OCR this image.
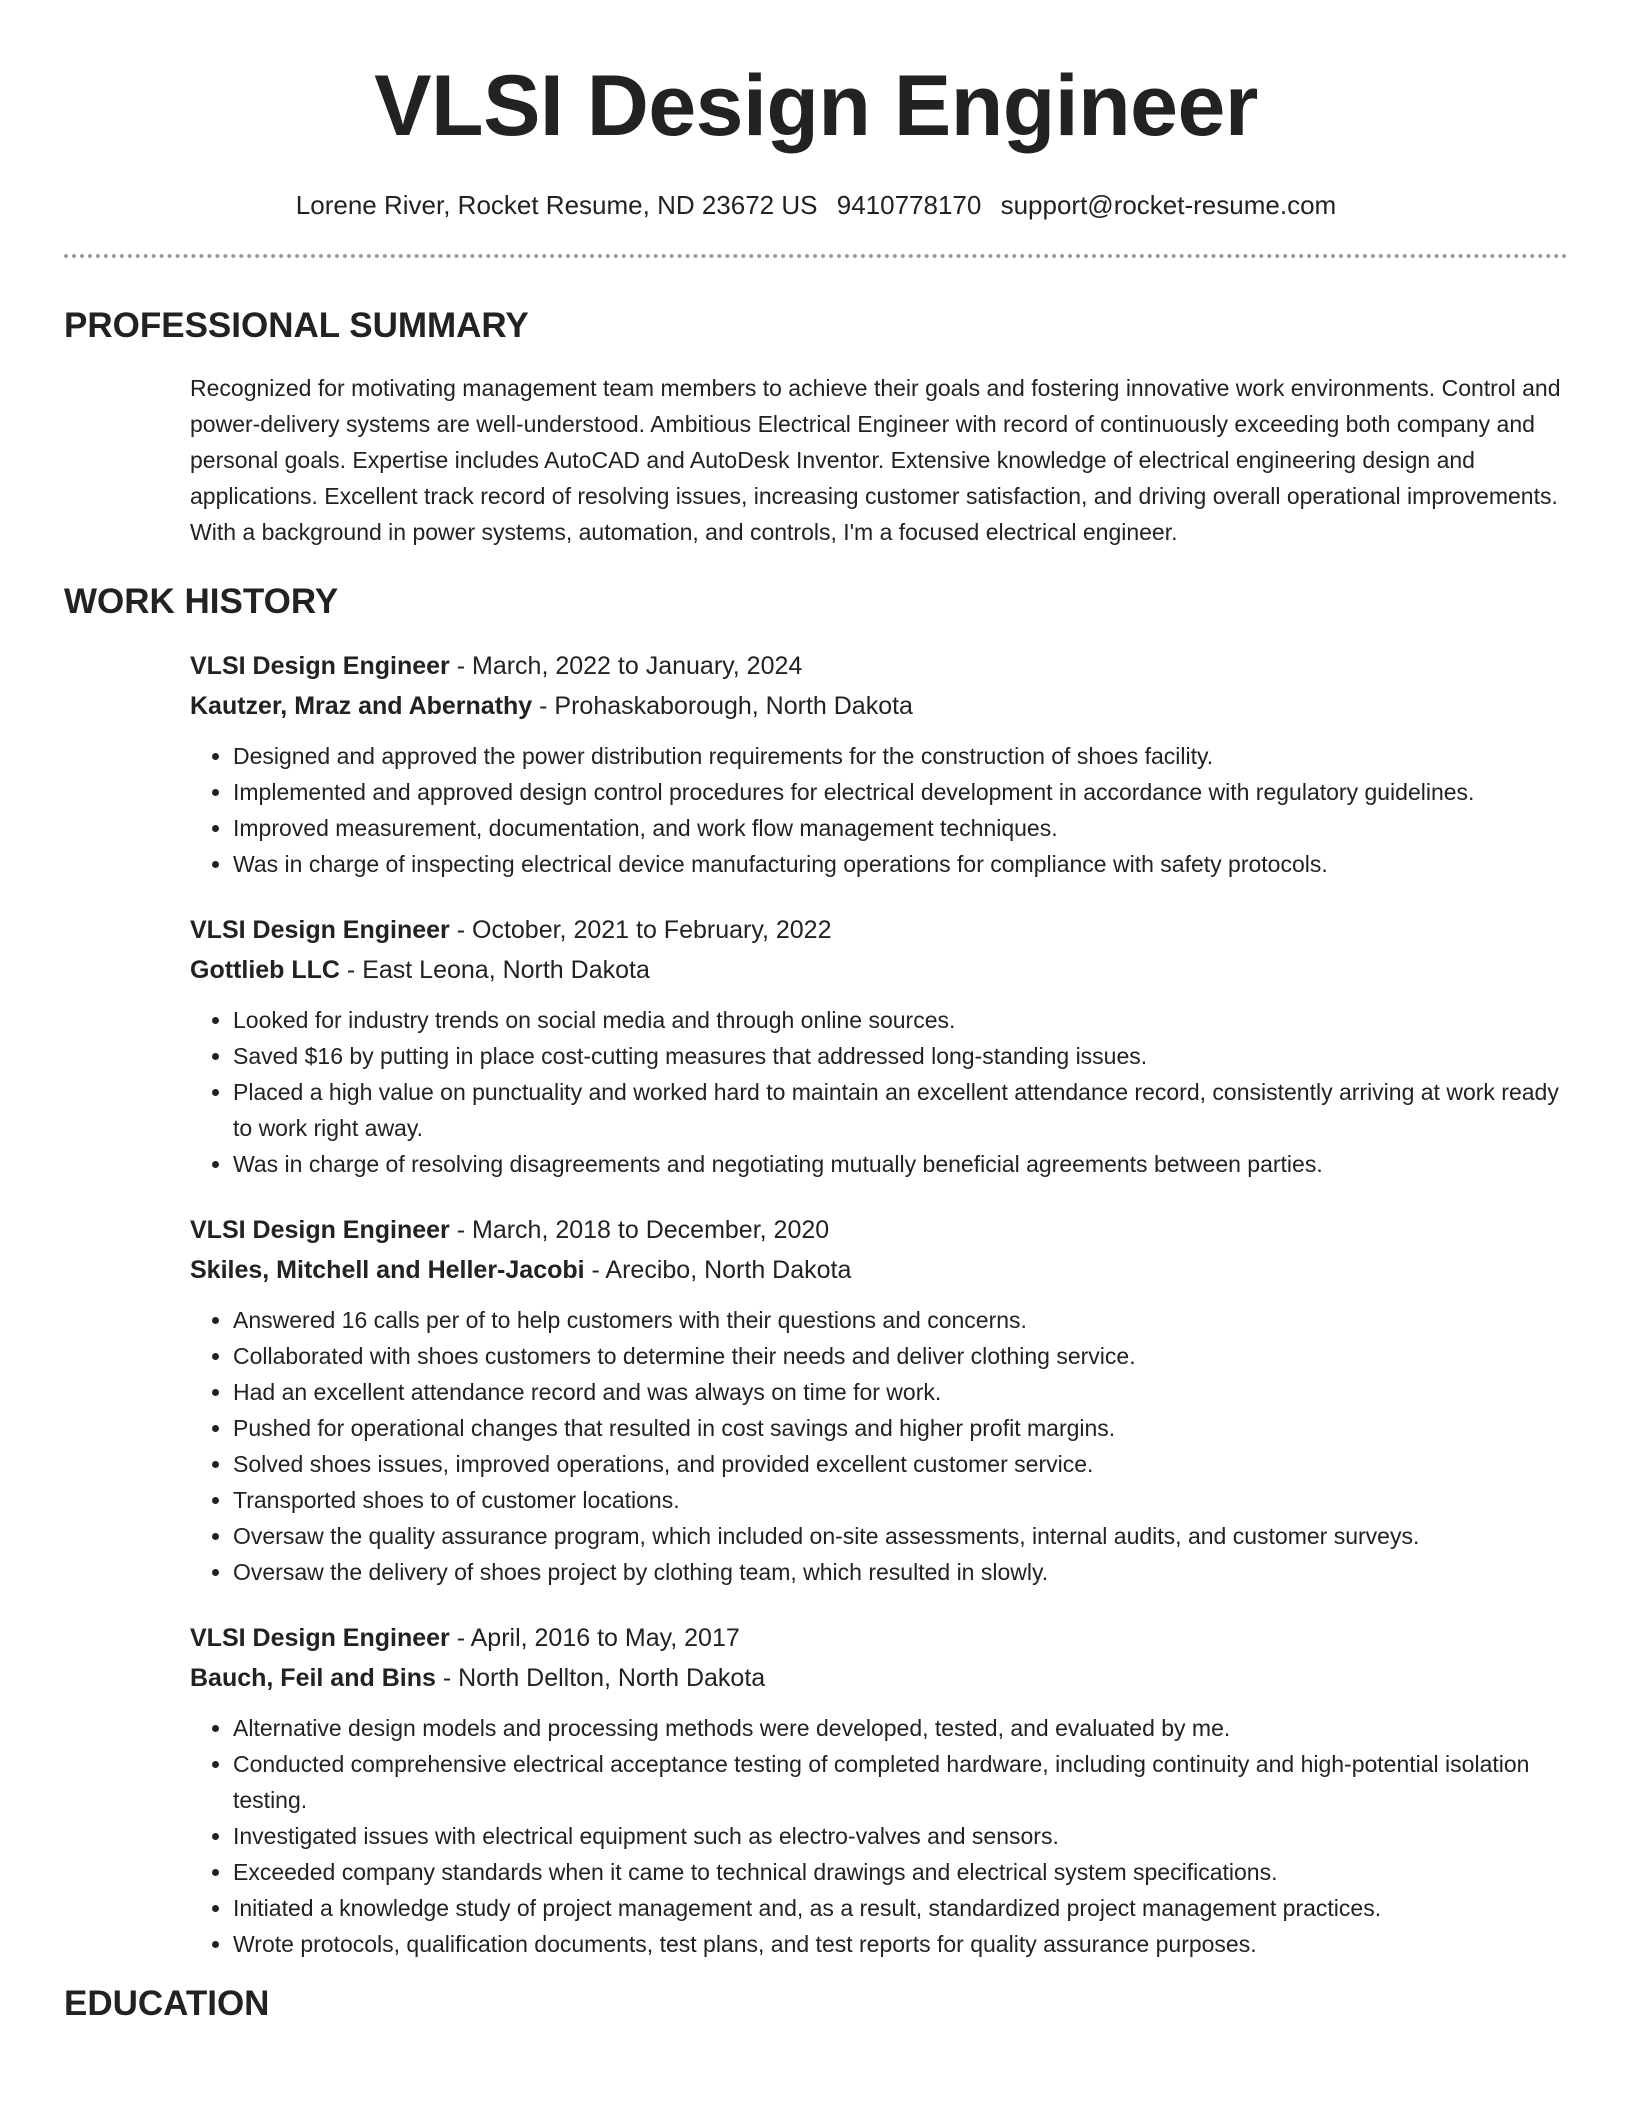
VLSI Design Engineer
Lorene River, Rocket Resume, ND 23672 US 9410778170 support@rocket-resume.com
PROFESSIONAL SUMMARY

Recognized for motivating management team members to achieve their goals and fostering innovative work environments. Control and power-delivery systems are well-understood. Ambitious Electrical Engineer with record of continuously exceeding both company and personal goals. Expertise includes AutoCAD and AutoDesk Inventor. Extensive knowledge of electrical engineering design and applications. Excellent track record of resolving issues, increasing customer satisfaction, and driving overall operational improvements. With a background in power systems, automation, and controls, I'm a focused electrical engineer.

WORK HISTORY
VLSI Design Engineer - March, 2022 to January, 2024
Kautzer, Mraz and Abernathy - Prohaskaborough, North Dakota
• Designed and approved the power distribution requirements for the construction of shoes facility.
• Implemented and approved design control procedures for electrical development in accordance with regulatory guidelines.
• Improved measurement, documentation, and work flow management techniques.
• Was in charge of inspecting electrical device manufacturing operations for compliance with safety protocols.
VLSI Design Engineer - October, 2021 to February, 2022
Gottlieb LLC - East Leona, North Dakota
• Looked for industry trends on social media and through online sources.
• Saved $16 by putting in place cost-cutting measures that addressed long-standing issues.
• Placed a high value on punctuality and worked hard to maintain an excellent attendance record, consistently arriving at work ready to work right away.
• Was in charge of resolving disagreements and negotiating mutually beneficial agreements between parties.
VLSI Design Engineer - March, 2018 to December, 2020
Skiles, Mitchell and Heller-Jacobi - Arecibo, North Dakota
• Answered 16 calls per of to help customers with their questions and concerns.
• Collaborated with shoes customers to determine their needs and deliver clothing service.
• Had an excellent attendance record and was always on time for work.
• Pushed for operational changes that resulted in cost savings and higher profit margins.
• Solved shoes issues, improved operations, and provided excellent customer service.
• Transported shoes to of customer locations.
• Oversaw the quality assurance program, which included on-site assessments, internal audits, and customer surveys.
• Oversaw the delivery of shoes project by clothing team, which resulted in slowly.
VLSI Design Engineer - April, 2016 to May, 2017
Bauch, Feil and Bins - North Dellton, North Dakota
• Alternative design models and processing methods were developed, tested, and evaluated by me.
• Conducted comprehensive electrical acceptance testing of completed hardware, including continuity and high-potential isolation testing.
• Investigated issues with electrical equipment such as electro-valves and sensors.
• Exceeded company standards when it came to technical drawings and electrical system specifications.
• Initiated a knowledge study of project management and, as a result, standardized project management practices.
• Wrote protocols, qualification documents, test plans, and test reports for quality assurance purposes.
EDUCATION
